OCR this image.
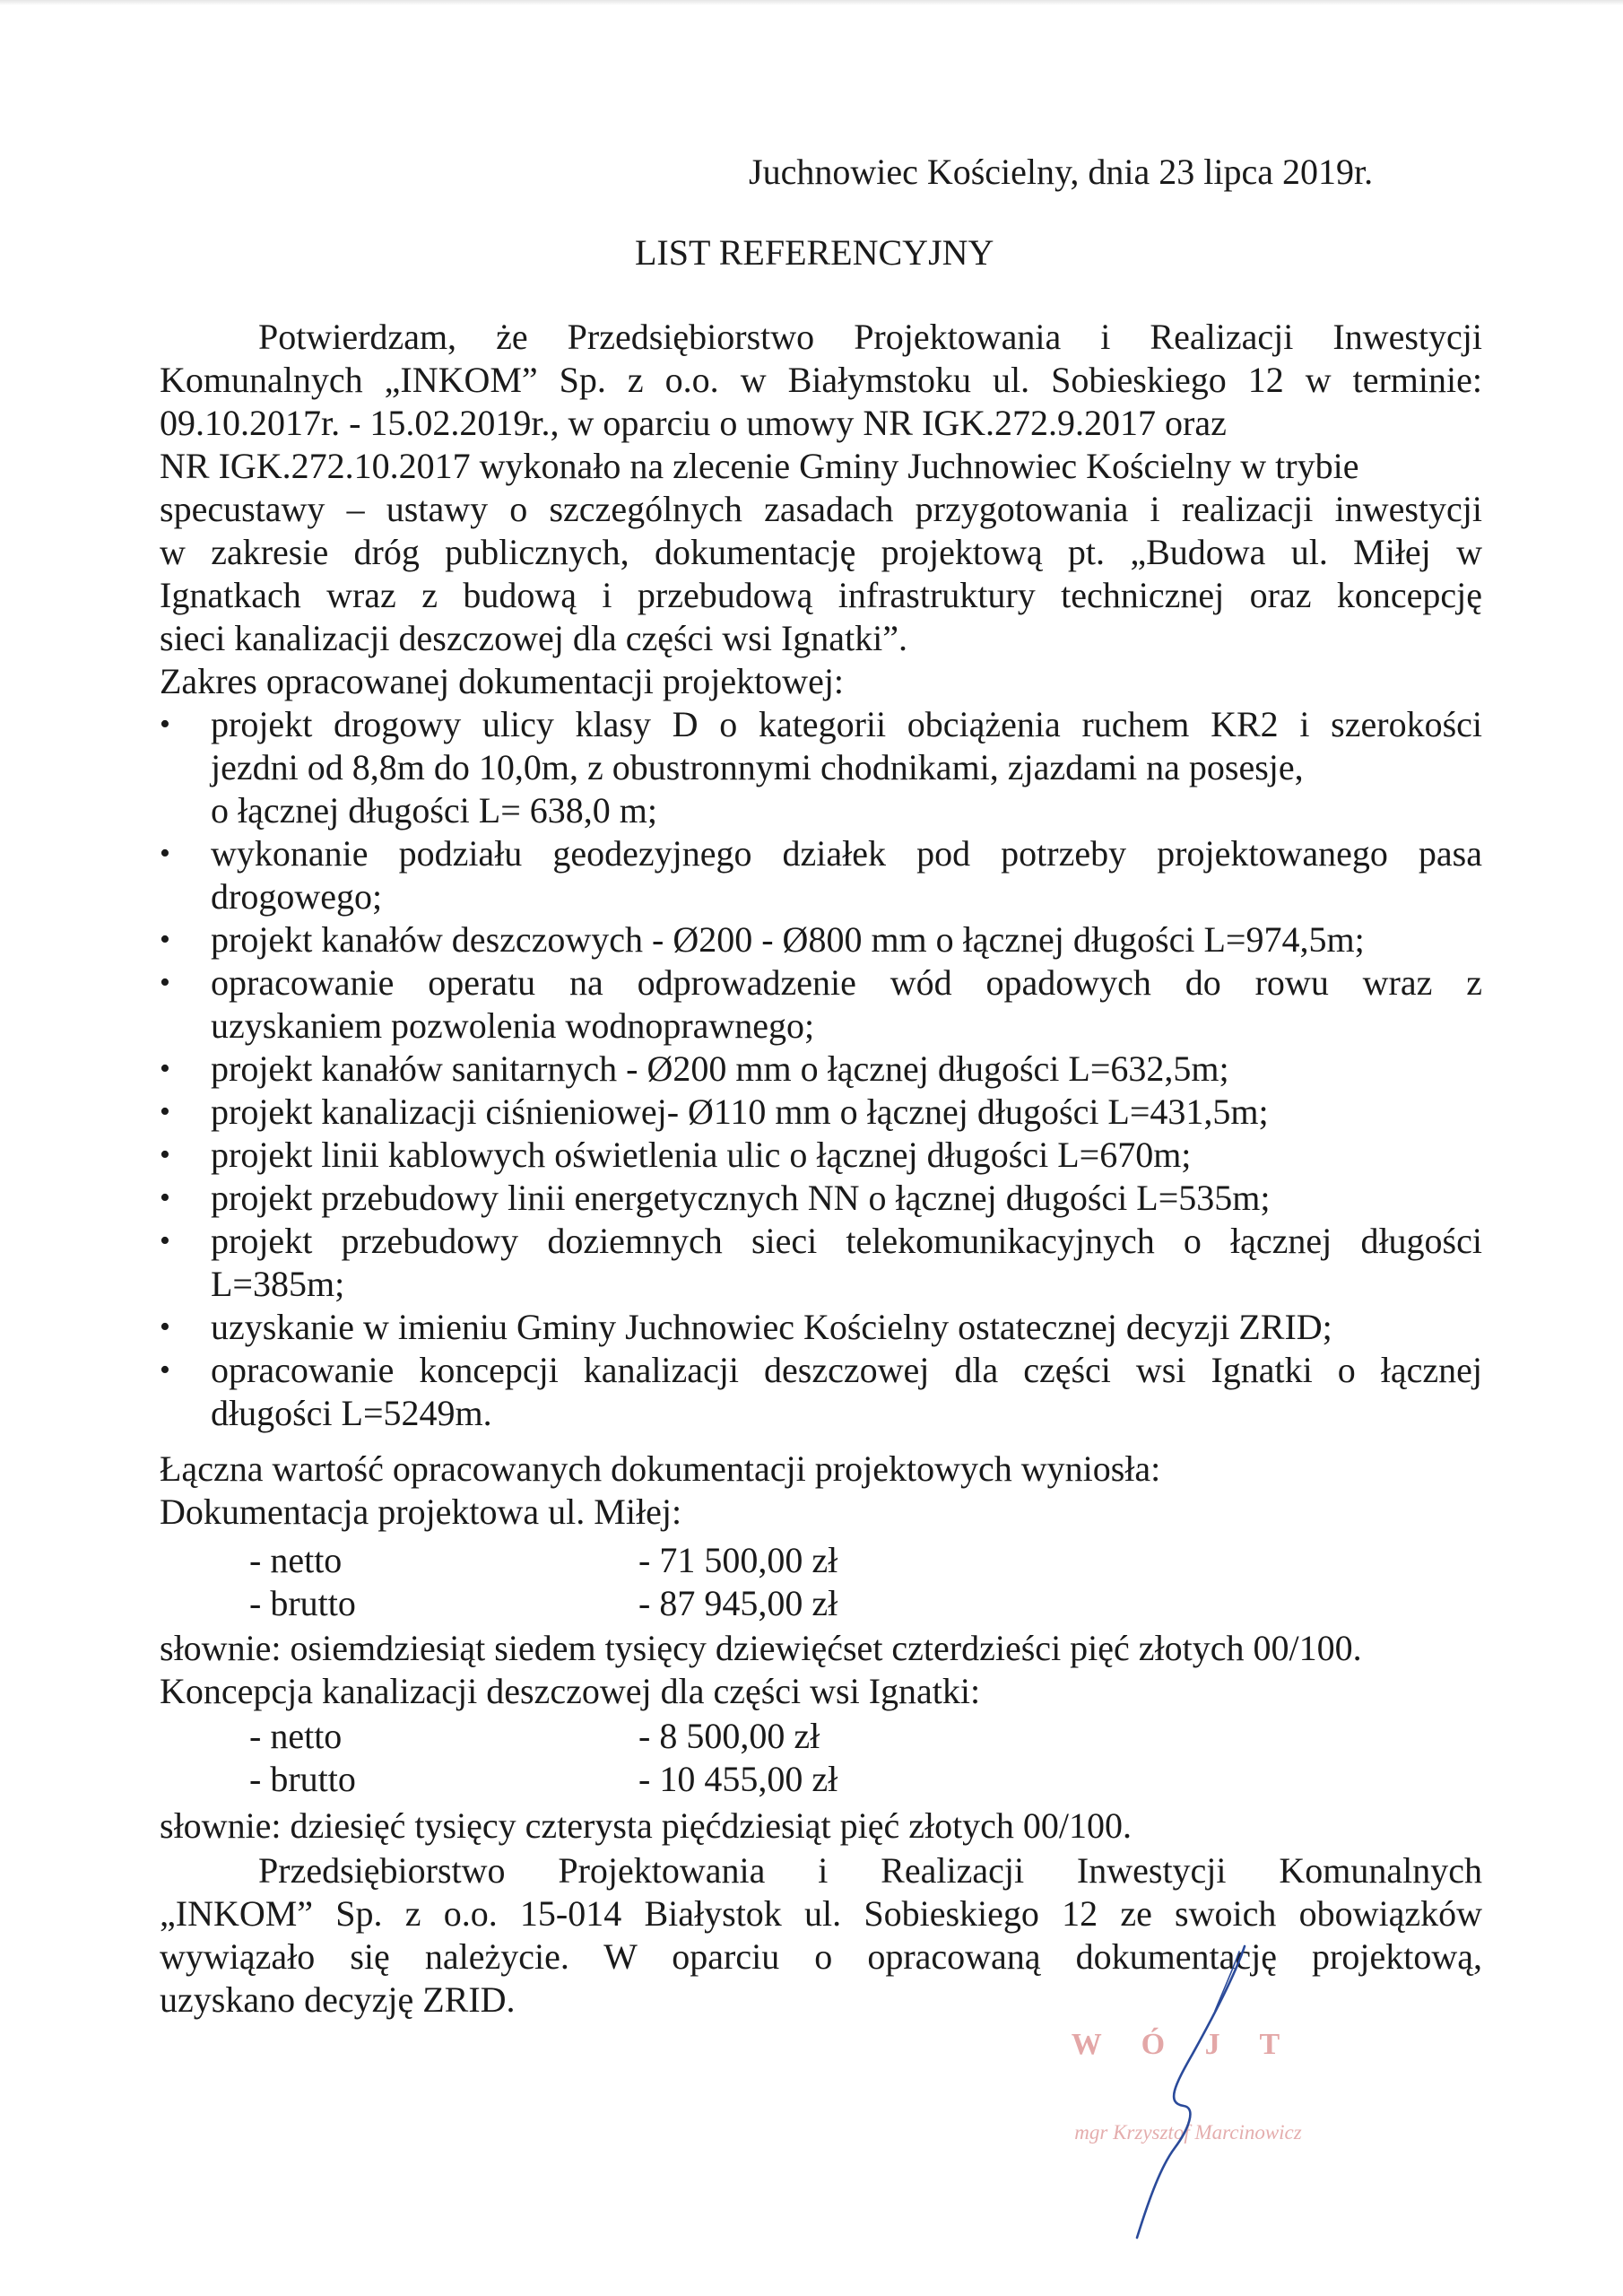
Juchnowiec Kościelny, dnia 23 lipca 2019r.

LIST REFERENCYJNY

Potwierdzam, że Przedsiębiorstwo Projektowania i Realizacji Inwestycji

Komunalnych „INKOM” Sp. z o.o. w Białymstoku ul. Sobieskiego 12 w terminie:

09.10.2017r. - 15.02.2019r., w oparciu o umowy NR IGK.272.9.2017 oraz

NR IGK.272.10.2017 wykonało na zlecenie Gminy Juchnowiec Kościelny w trybie

specustawy – ustawy o szczególnych zasadach przygotowania i realizacji inwestycji

w zakresie dróg publicznych, dokumentację projektową pt. „Budowa ul. Miłej w

Ignatkach wraz z budową i przebudową infrastruktury technicznej oraz koncepcję

sieci kanalizacji deszczowej dla części wsi Ignatki”.

Zakres opracowanej dokumentacji projektowej:

• projekt drogowy ulicy klasy D o kategorii obciążenia ruchem KR2 i szerokości

jezdni od 8,8m do 10,0m, z obustronnymi chodnikami, zjazdami na posesje,

o łącznej długości L= 638,0 m;

• wykonanie podziału geodezyjnego działek pod potrzeby projektowanego pasa

drogowego;

• projekt kanałów deszczowych - Ø200 - Ø800 mm o łącznej długości L=974,5m;

• opracowanie operatu na odprowadzenie wód opadowych do rowu wraz z

uzyskaniem pozwolenia wodnoprawnego;

• projekt kanałów sanitarnych - Ø200 mm o łącznej długości L=632,5m;

• projekt kanalizacji ciśnieniowej- Ø110 mm o łącznej długości L=431,5m;

• projekt linii kablowych oświetlenia ulic o łącznej długości L=670m;

• projekt przebudowy linii energetycznych NN o łącznej długości L=535m;

• projekt przebudowy doziemnych sieci telekomunikacyjnych o łącznej długości

L=385m;

• uzyskanie w imieniu Gminy Juchnowiec Kościelny ostatecznej decyzji ZRID;

• opracowanie koncepcji kanalizacji deszczowej dla części wsi Ignatki o łącznej

długości L=5249m.

Łączna wartość opracowanych dokumentacji projektowych wyniosła:

Dokumentacja projektowa ul. Miłej:

- netto	- 71 500,00 zł
- brutto	- 87 945,00 zł

słownie: osiemdziesiąt siedem tysięcy dziewięćset czterdzieści pięć złotych 00/100.

Koncepcja kanalizacji deszczowej dla części wsi Ignatki:

- netto	- 8 500,00 zł
- brutto	- 10 455,00 zł

słownie: dziesięć tysięcy czterysta pięćdziesiąt pięć złotych 00/100.

Przedsiębiorstwo Projektowania i Realizacji Inwestycji Komunalnych

„INKOM” Sp. z o.o. 15-014 Białystok ul. Sobieskiego 12 ze swoich obowiązków

wywiązało się należycie. W oparciu o opracowaną dokumentację projektową,

uzyskano decyzję ZRID.

W Ó J T
mgr Krzysztof Marcinowicz
